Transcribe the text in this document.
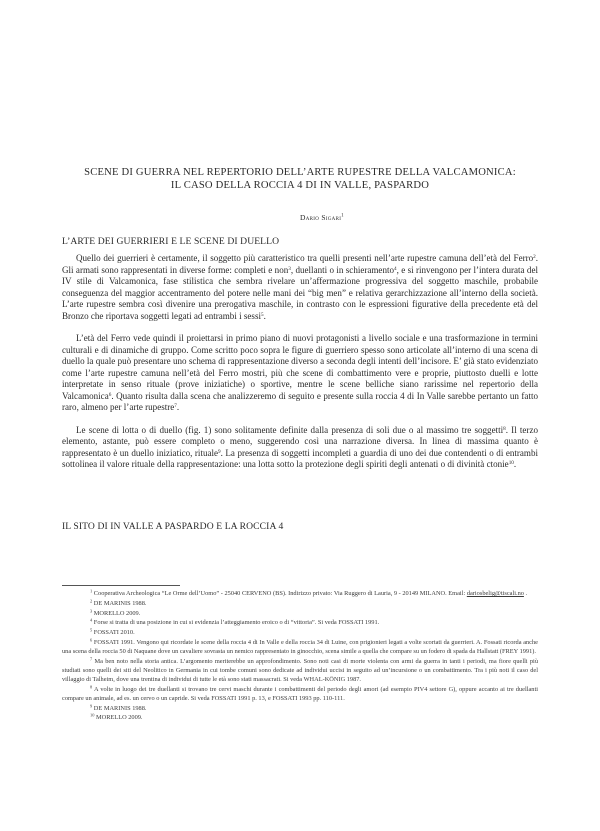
SCENE DI GUERRA NEL REPERTORIO DELL’ARTE RUPESTRE DELLA VALCAMONICA:
IL CASO DELLA ROCCIA 4 DI IN VALLE, PASPARDO
Dario Sigari$^1$
L’ARTE DEI GUERRIERI E LE SCENE DI DUELLO

Quello dei guerrieri è certamente, il soggetto più caratteristico tra quelli presenti nell’arte rupestre camuna dell’età del Ferro$^2$. Gli armati sono rappresentati in diverse forme: completi e non$^3$, duellanti o in schieramento$^4$, e si rinvengono per l’intera durata del IV stile di Valcamonica, fase stilistica che sembra rivelare un’affermazione progressiva del soggetto maschile, probabile conseguenza del maggior accentramento del potere nelle mani dei “big men” e relativa gerarchizzazione all’interno della società. L’arte rupestre sembra così divenire una prerogativa maschile, in contrasto con le espressioni figurative della precedente età del Bronzo che riportava soggetti legati ad entrambi i sessi$^5$.

L’età del Ferro vede quindi il proiettarsi in primo piano di nuovi protagonisti a livello sociale e una trasformazione in termini culturali e di dinamiche di gruppo. Come scritto poco sopra le figure di guerriero spesso sono articolate all’interno di una scena di duello la quale può presentare uno schema di rappresentazione diverso a seconda degli intenti dell’incisore. E’ già stato evidenziato come l’arte rupestre camuna nell’età del Ferro mostri, più che scene di combattimento vere e proprie, piuttosto duelli e lotte interpretate in senso rituale (prove iniziatiche) o sportive, mentre le scene belliche siano rarissime nel repertorio della Valcamonica$^6$. Quanto risulta dalla scena che analizzeremo di seguito e presente sulla roccia 4 di In Valle sarebbe pertanto un fatto raro, almeno per l’arte rupestre$^7$.

Le scene di lotta o di duello (fig. 1) sono solitamente definite dalla presenza di soli due o al massimo tre soggetti$^8$. Il terzo elemento, astante, può essere completo o meno, suggerendo così una narrazione diversa. In linea di massima quanto è rappresentato è un duello iniziatico, rituale$^9$. La presenza di soggetti incompleti a guardia di uno dei due contendenti o di entrambi sottolinea il valore rituale della rappresentazione: una lotta sotto la protezione degli spiriti degli antenati o di divinità ctonie$^{10}$.

IL SITO DI IN VALLE A PASPARDO E LA ROCCIA 4
$^1$ Cooperativa Archeologica “Le Orme dell’Uomo” - 25040 CERVENO (BS). Indirizzo privato: Via Ruggero di Lauria, 9 - 20149 MILANO. Email: dariosbelig@tiscali.no .
$^2$ DE MARINIS 1988.
$^3$ MORELLO 2009.
$^4$ Forse si tratta di una posizione in cui si evidenzia l’atteggiamento eroico o di “vittoria”. Si veda FOSSATI 1991.
$^5$ FOSSATI 2010.
$^6$ FOSSATI 1991. Vengono qui ricordate le scene della roccia 4 di In Valle e della roccia 34 di Luine, con prigionieri legati a volte scortati da guerrieri. A. Fossati ricorda anche una scena della roccia 50 di Naquane dove un cavaliere sovrasta un nemico rappresentato in ginocchio, scena simile a quella che compare su un fodero di spada da Hallstatt (FREY 1991).
$^7$ Ma ben noto nella storia antica. L’argomento meriterebbe un approfondimento. Sono noti casi di morte violenta con armi da guerra in tanti i periodi, ma fiore quelli più studiati sono quelli dei siti del Neolitico in Germania in cui tombe comuni sono dedicate ad individui uccisi in seguito ad un’incursione o un combattimento. Tra i più noti il caso del villaggio di Talheim, dove una trentina di individui di tutte le età sono stati massacrati. Si veda WHAL-KÖNIG 1987.
$^8$ A volte in luogo dei tre duellanti si trovano tre cervi maschi durante i combattimenti del periodo degli amori (ad esempio PIV4 settore G), oppure accanto ai tre duellanti compare un animale, ad es. un cervo o un capride. Si veda FOSSATI 1991 p. 13, e FOSSATI 1993 pp. 110-111.
$^9$ DE MARINIS 1988.
$^{10}$ MORELLO 2009.
